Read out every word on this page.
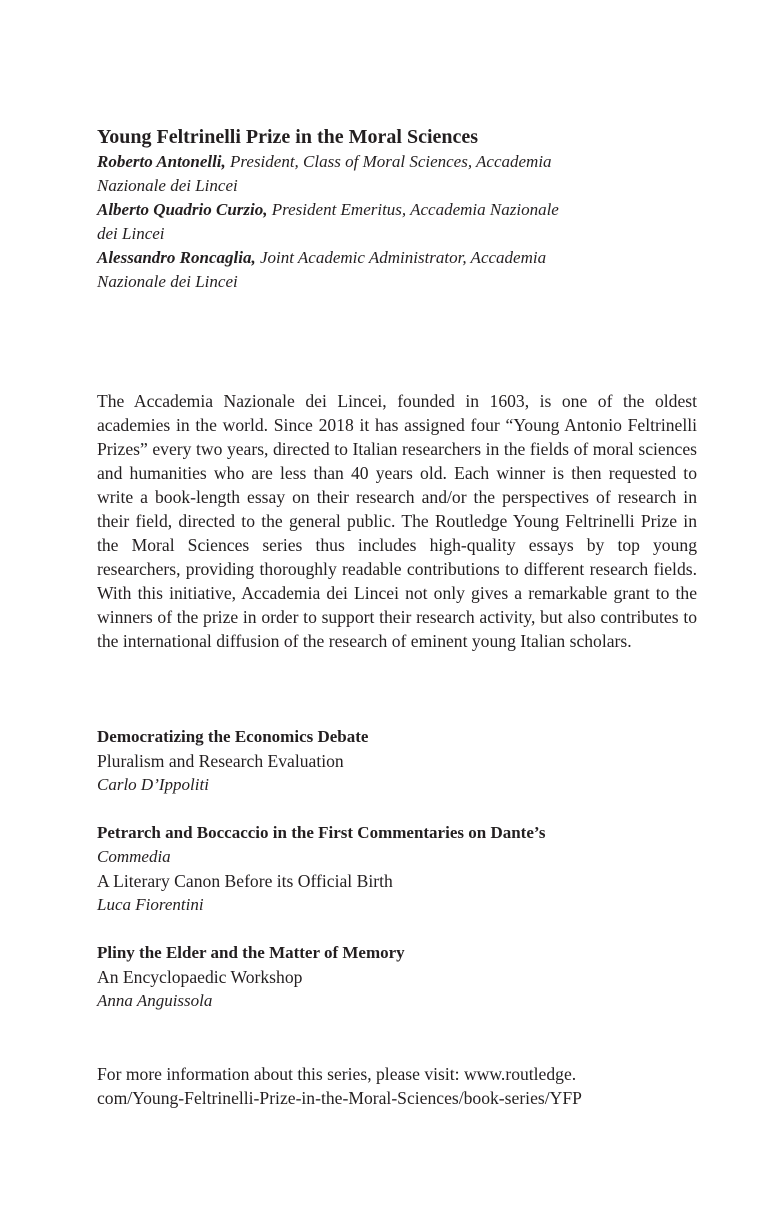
Young Feltrinelli Prize in the Moral Sciences

Roberto Antonelli, President, Class of Moral Sciences, Accademia
Nazionale dei Lincei

Alberto Quadrio Curzio, President Emeritus, Accademia Nazionale
dei Lincei

Alessandro Roncaglia, Joint Academic Administrator, Accademia
Nazionale dei Lincei

The Accademia Nazionale dei Lincei, founded in 1603, is one of the oldest academies in the world. Since 2018 it has assigned four “Young Antonio Feltrinelli Prizes” every two years, directed to Italian researchers in the fields of moral sciences and humanities who are less than 40 years old. Each winner is then requested to write a book-length essay on their research and/or the perspectives of research in their field, directed to the general public. The Routledge Young Feltrinelli Prize in the Moral Sciences series thus includes high-quality essays by top young researchers, providing thoroughly readable contributions to different research fields. With this initiative, Accademia dei Lincei not only gives a remarkable grant to the winners of the prize in order to support their research activity, but also contributes to the international diffusion of the research of eminent young Italian scholars.

Democratizing the Economics Debate

Pluralism and Research Evaluation

Carlo D’Ippoliti

Petrarch and Boccaccio in the First Commentaries on Dante’s
Commedia

A Literary Canon Before its Official Birth

Luca Fiorentini

Pliny the Elder and the Matter of Memory

An Encyclopaedic Workshop

Anna Anguissola

For more information about this series, please visit: www.routledge.
com/Young-Feltrinelli-Prize-in-the-Moral-Sciences/book-series/YFP
